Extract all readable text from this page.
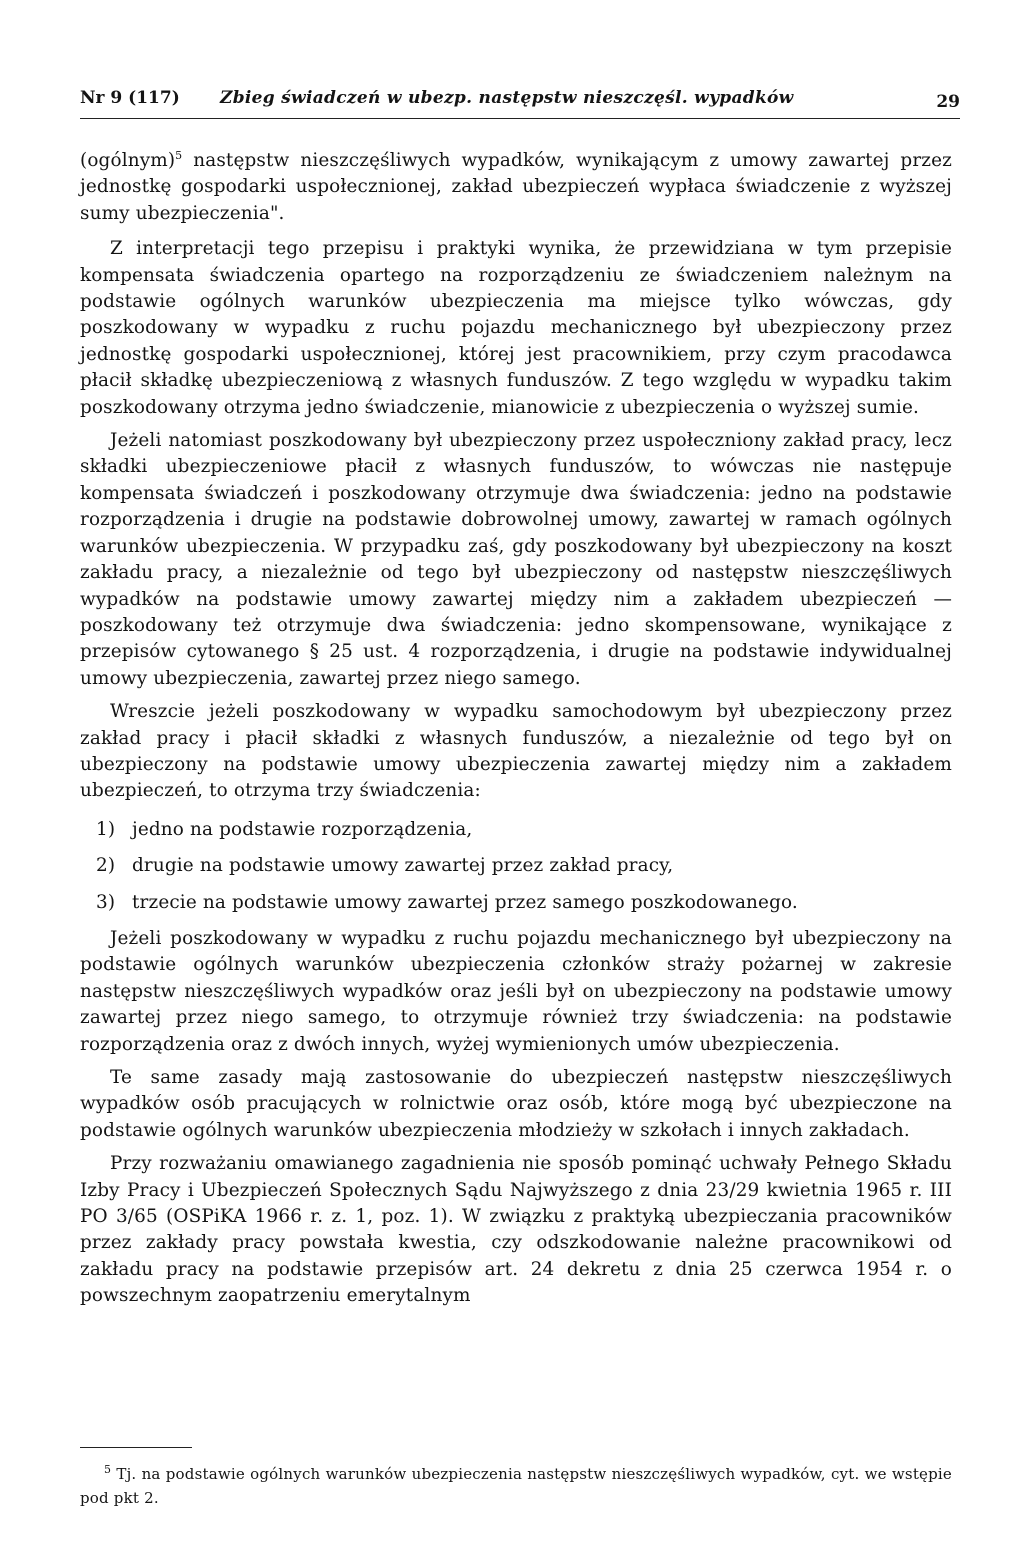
Nr 9 (117) Zbieg świadczeń w ubezp. następstw nieszczęśl. wypadków	29

(ogólnym)$^5$ następstw nieszczęśliwych wypadków, wynikającym z umowy zawartej przez jednostkę gospodarki uspołecznionej, zakład ubezpieczeń wypłaca świadczenie z wyższej sumy ubezpieczenia".

Z interpretacji tego przepisu i praktyki wynika, że przewidziana w tym przepisie kompensata świadczenia opartego na rozporządzeniu ze świadczeniem należnym na podstawie ogólnych warunków ubezpieczenia ma miejsce tylko wówczas, gdy poszkodowany w wypadku z ruchu pojazdu mechanicznego był ubezpieczony przez jednostkę gospodarki uspołecznionej, której jest pracownikiem, przy czym pracodawca płacił składkę ubezpieczeniową z własnych funduszów. Z tego względu w wypadku takim poszkodowany otrzyma jedno świadczenie, mianowicie z ubezpieczenia o wyższej sumie.

Jeżeli natomiast poszkodowany był ubezpieczony przez uspołeczniony zakład pracy, lecz składki ubezpieczeniowe płacił z własnych funduszów, to wówczas nie następuje kompensata świadczeń i poszkodowany otrzymuje dwa świadczenia: jedno na podstawie rozporządzenia i drugie na podstawie dobrowolnej umowy, zawartej w ramach ogólnych warunków ubezpieczenia. W przypadku zaś, gdy poszkodowany był ubezpieczony na koszt zakładu pracy, a niezależnie od tego był ubezpieczony od następstw nieszczęśliwych wypadków na podstawie umowy zawartej między nim a zakładem ubezpieczeń — poszkodowany też otrzymuje dwa świadczenia: jedno skompensowane, wynikające z przepisów cytowanego § 25 ust. 4 rozporządzenia, i drugie na podstawie indywidualnej umowy ubezpieczenia, zawartej przez niego samego.

Wreszcie jeżeli poszkodowany w wypadku samochodowym był ubezpieczony przez zakład pracy i płacił składki z własnych funduszów, a niezależnie od tego był on ubezpieczony na podstawie umowy ubezpieczenia zawartej między nim a zakładem ubezpieczeń, to otrzyma trzy świadczenia:

1) jedno na podstawie rozporządzenia,
2) drugie na podstawie umowy zawartej przez zakład pracy,
3) trzecie na podstawie umowy zawartej przez samego poszkodowanego.

Jeżeli poszkodowany w wypadku z ruchu pojazdu mechanicznego był ubezpieczony na podstawie ogólnych warunków ubezpieczenia członków straży pożarnej w zakresie następstw nieszczęśliwych wypadków oraz jeśli był on ubezpieczony na podstawie umowy zawartej przez niego samego, to otrzymuje również trzy świadczenia: na podstawie rozporządzenia oraz z dwóch innych, wyżej wymienionych umów ubezpieczenia.

Te same zasady mają zastosowanie do ubezpieczeń następstw nieszczęśliwych wypadków osób pracujących w rolnictwie oraz osób, które mogą być ubezpieczone na podstawie ogólnych warunków ubezpieczenia młodzieży w szkołach i innych zakładach.

Przy rozważaniu omawianego zagadnienia nie sposób pominąć uchwały Pełnego Składu Izby Pracy i Ubezpieczeń Społecznych Sądu Najwyższego z dnia 23/29 kwietnia 1965 r. III PO 3/65 (OSPiKA 1966 r. z. 1, poz. 1). W związku z praktyką ubezpieczania pracowników przez zakłady pracy powstała kwestia, czy odszkodowanie należne pracownikowi od zakładu pracy na podstawie przepisów art. 24 dekretu z dnia 25 czerwca 1954 r. o powszechnym zaopatrzeniu emerytalnym

$^5$ Tj. na podstawie ogólnych warunków ubezpieczenia następstw nieszczęśliwych wypadków, cyt. we wstępie pod pkt 2.
